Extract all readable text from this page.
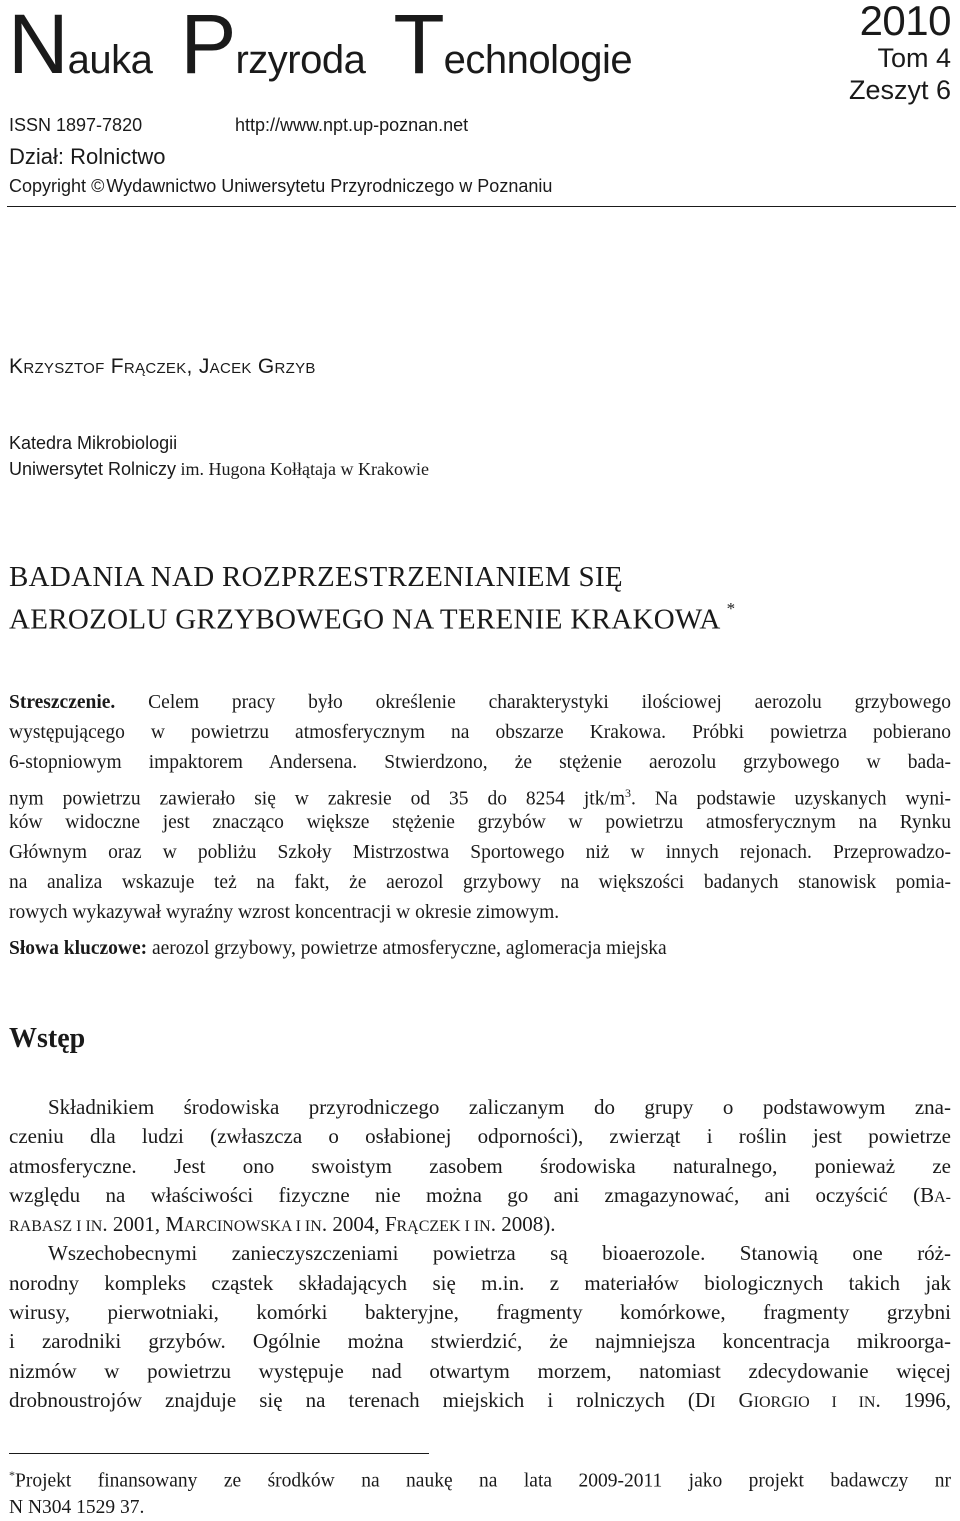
Nauka Przyroda Technologie
2010
Tom 4
Zeszyt 6
ISSN 1897-7820	http://www.npt.up-poznan.net
Dział: Rolnictwo
Copyright © Wydawnictwo Uniwersytetu Przyrodniczego w Poznaniu
KRZYSZTOF FRĄCZEK, JACEK GRZYB
Katedra Mikrobiologii
Uniwersytet Rolniczy im. Hugona Kołłątaja w Krakowie
BADANIA NAD ROZPRZESTRZENIANIEM SIĘ
AEROZOLU GRZYBOWEGO NA TERENIE KRAKOWA *
Streszczenie. Celem pracy było określenie charakterystyki ilościowej aerozolu grzybowego
występującego w powietrzu atmosferycznym na obszarze Krakowa. Próbki powietrza pobierano
6-stopniowym impaktorem Andersena. Stwierdzono, że stężenie aerozolu grzybowego w bada-
nym powietrzu zawierało się w zakresie od 35 do 8254 jtk/$m^3$. Na podstawie uzyskanych wyni-
ków widoczne jest znacząco większe stężenie grzybów w powietrzu atmosferycznym na Rynku
Głównym oraz w pobliżu Szkoły Mistrzostwa Sportowego niż w innych rejonach. Przeprowadzo-
na analiza wskazuje też na fakt, że aerozol grzybowy na większości badanych stanowisk pomia-
rowych wykazywał wyraźny wzrost koncentracji w okresie zimowym.
Słowa kluczowe: aerozol grzybowy, powietrze atmosferyczne, aglomeracja miejska
Wstęp
Składnikiem środowiska przyrodniczego zaliczanym do grupy o podstawowym zna-
czeniu dla ludzi (zwłaszcza o osłabionej odporności), zwierząt i roślin jest powietrze
atmosferyczne. Jest ono swoistym zasobem środowiska naturalnego, ponieważ ze
względu na właściwości fizyczne nie można go ani zmagazynować, ani oczyścić (BA-
RABASZ I IN. 2001, MARCINOWSKA I IN. 2004, FRĄCZEK I IN. 2008).
Wszechobecnymi zanieczyszczeniami powietrza są bioaerozole. Stanowią one róż-
norodny kompleks cząstek składających się m.in. z materiałów biologicznych takich jak
wirusy, pierwotniaki, komórki bakteryjne, fragmenty komórkowe, fragmenty grzybni
i zarodniki grzybów. Ogólnie można stwierdzić, że najmniejsza koncentracja mikroorga-
nizmów w powietrzu występuje nad otwartym morzem, natomiast zdecydowanie więcej
drobnoustrojów znajduje się na terenach miejskich i rolniczych (DI GIORGIO I IN. 1996,
*Projekt finansowany ze środków na naukę na lata 2009-2011 jako projekt badawczy nr
N N304 1529 37.
